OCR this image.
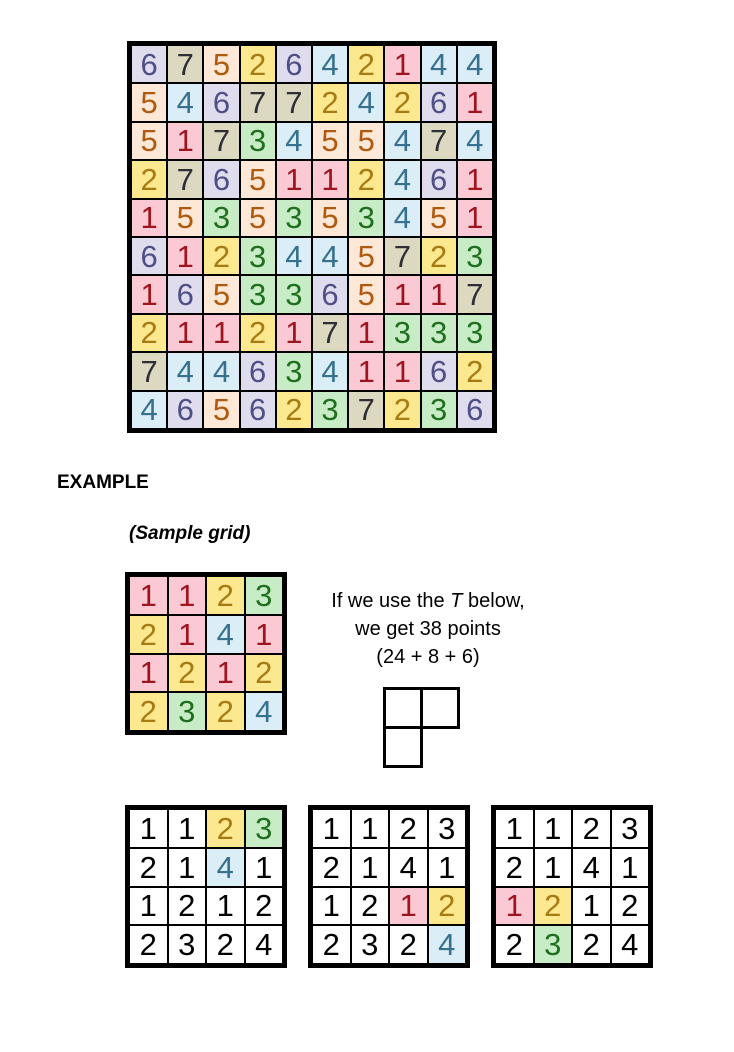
6 7 5 2 6 4 2 1 4 4
5 4 6 7 7 2 4 2 6 1
5 1 7 3 4 5 5 4 7 4
2 7 6 5 1 1 2 4 6 1
1 5 3 5 3 5 3 4 5 1
6 1 2 3 4 4 5 7 2 3
1 6 5 3 3 6 5 1 1 7
2 1 1 2 1 7 1 3 3 3
7 4 4 6 3 4 1 1 6 2
4 6 5 6 2 3 7 2 3 6
EXAMPLE
(Sample grid)
1 1 2 3
2 1 4 1
1 2 1 2
2 3 2 4
If we use the T below,
we get 38 points
(24 + 8 + 6)
1 1 2 3
2 1 4 1
1 2 1 2
2 3 2 4
1 1 2 3
2 1 4 1
1 2 1 2
2 3 2 4
1 1 2 3
2 1 4 1
1 2 1 2
2 3 2 4
